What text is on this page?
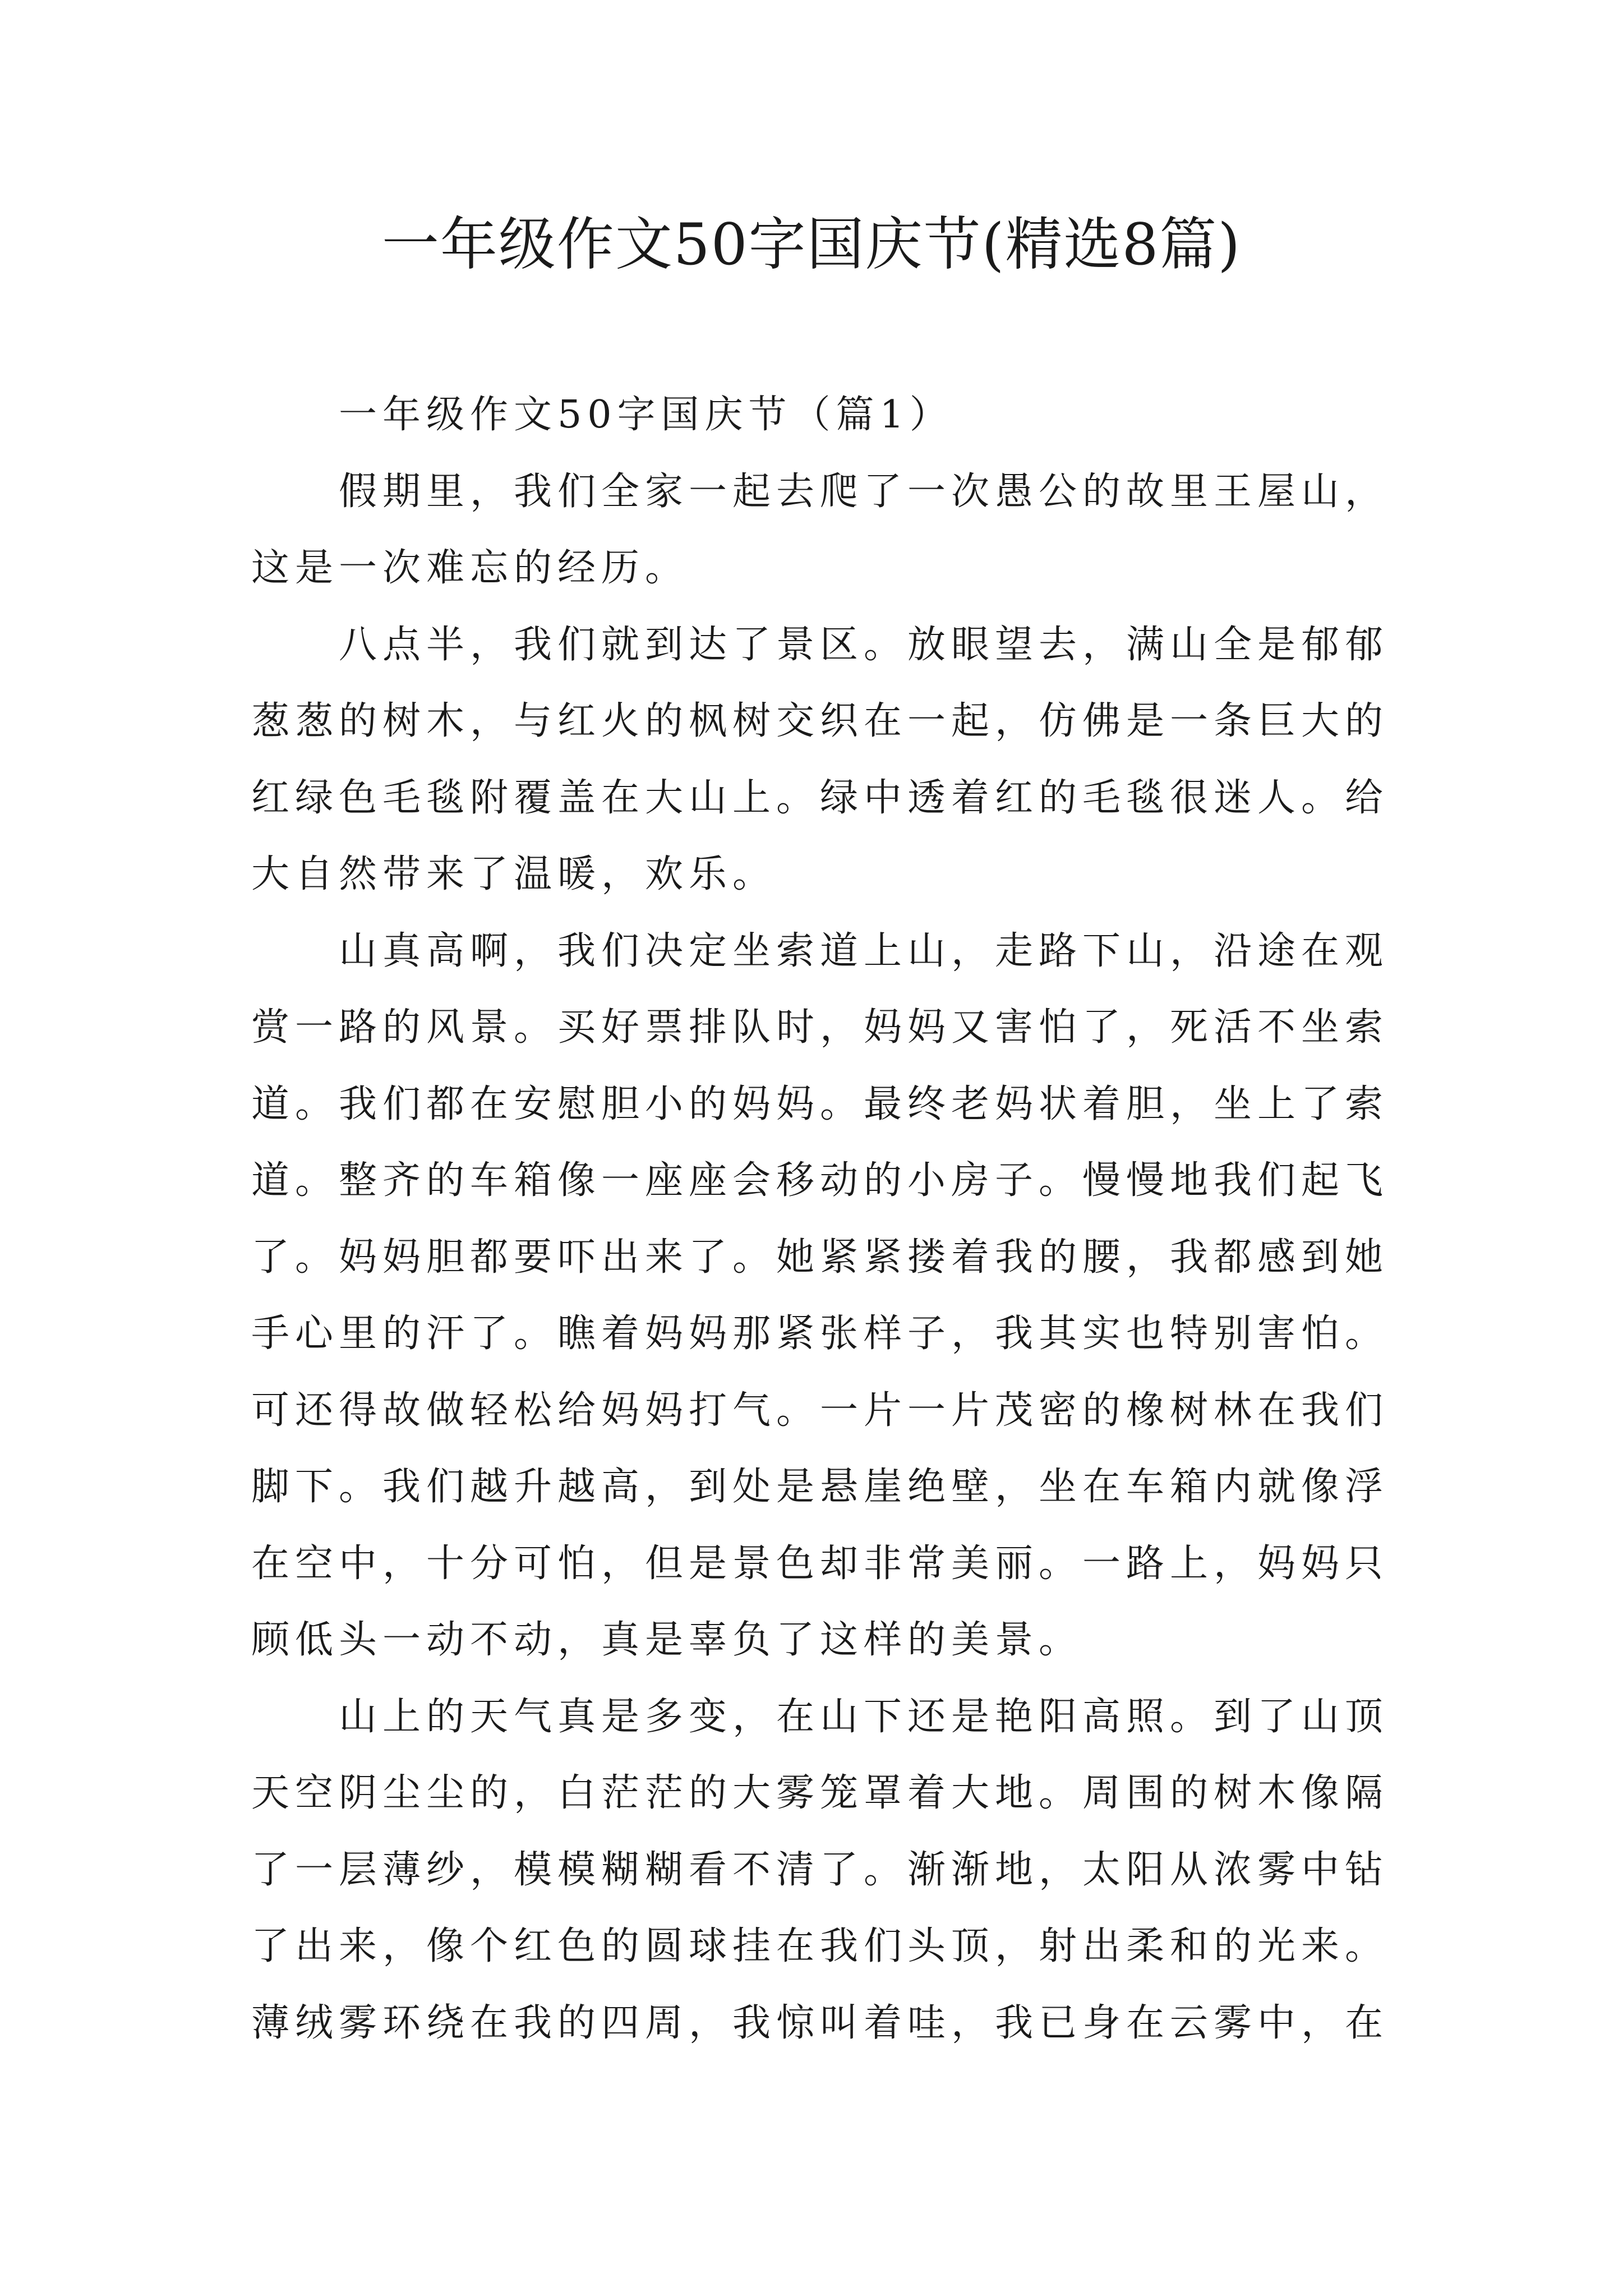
一年级作文50字国庆节(精选8篇)
一年级作文50字国庆节（篇1）
假期里，我们全家一起去爬了一次愚公的故里王屋山，
这是一次难忘的经历。
八点半，我们就到达了景区。放眼望去，满山全是郁郁
葱葱的树木，与红火的枫树交织在一起，仿佛是一条巨大的
红绿色毛毯附覆盖在大山上。绿中透着红的毛毯很迷人。给
大自然带来了温暖，欢乐。
山真高啊，我们决定坐索道上山，走路下山，沿途在观
赏一路的风景。买好票排队时，妈妈又害怕了，死活不坐索
道。我们都在安慰胆小的妈妈。最终老妈状着胆，坐上了索
道。整齐的车箱像一座座会移动的小房子。慢慢地我们起飞
了。妈妈胆都要吓出来了。她紧紧搂着我的腰，我都感到她
手心里的汗了。瞧着妈妈那紧张样子，我其实也特别害怕。
可还得故做轻松给妈妈打气。一片一片茂密的橡树林在我们
脚下。我们越升越高，到处是悬崖绝壁，坐在车箱内就像浮
在空中，十分可怕，但是景色却非常美丽。一路上，妈妈只
顾低头一动不动，真是辜负了这样的美景。
山上的天气真是多变，在山下还是艳阳高照。到了山顶
天空阴尘尘的，白茫茫的大雾笼罩着大地。周围的树木像隔
了一层薄纱，模模糊糊看不清了。渐渐地，太阳从浓雾中钻
了出来，像个红色的圆球挂在我们头顶，射出柔和的光来。
薄绒雾环绕在我的四周，我惊叫着哇，我已身在云雾中，在
